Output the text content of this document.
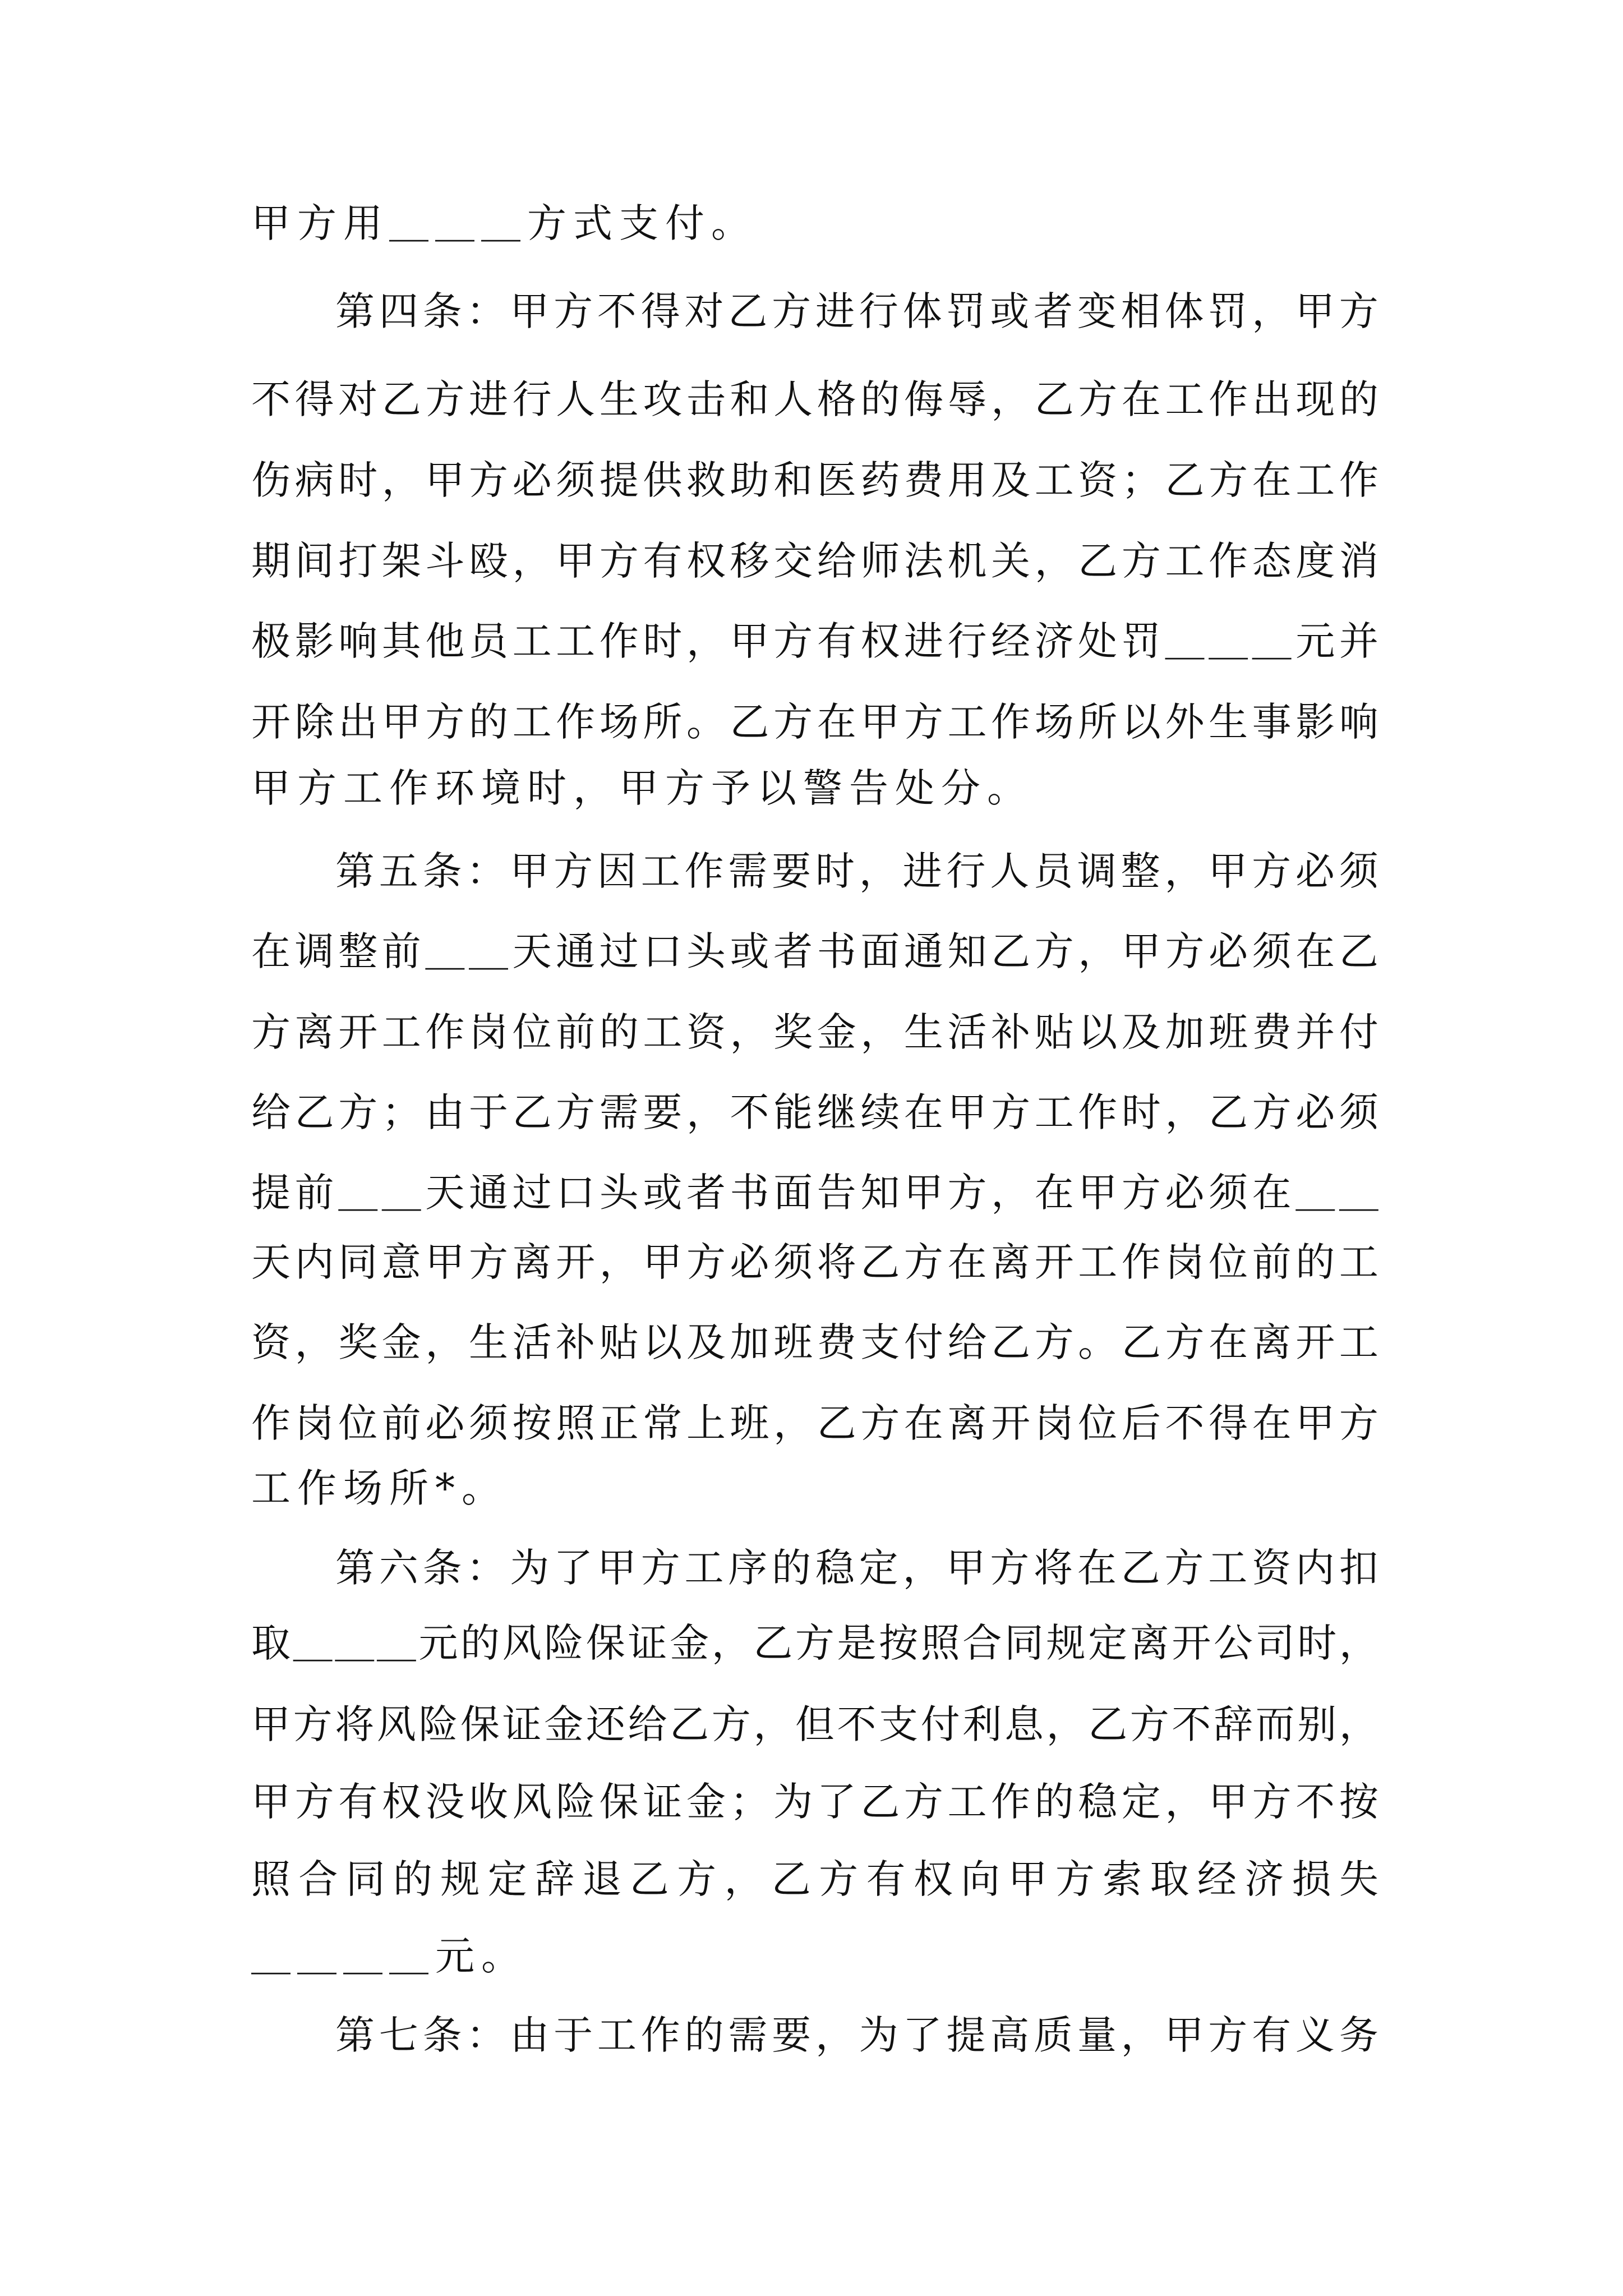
甲方用＿＿＿方式支付。
第 四 条 ： 甲 方 不 得 对 乙 方 进 行 体 罚 或 者 变 相 体 罚 ， 甲 方
不 得 对 乙 方 进 行 人 生 攻 击 和 人 格 的 侮 辱 ， 乙 方 在 工 作 出 现 的
伤 病 时 ， 甲 方 必 须 提 供 救 助 和 医 药 费 用 及 工 资 ； 乙 方 在 工 作
期 间 打 架 斗 殴 ， 甲 方 有 权 移 交 给 师 法 机 关 ， 乙 方 工 作 态 度 消
极 影 响 其 他 员 工 工 作 时 ， 甲 方 有 权 进 行 经 济 处 罚 ＿ ＿ ＿ 元 并
开 除 出 甲 方 的 工 作 场 所 。 乙 方 在 甲 方 工 作 场 所 以 外 生 事 影 响
甲方工作环境时，甲方予以警告处分。
第 五 条 ： 甲 方 因 工 作 需 要 时 ， 进 行 人 员 调 整 ， 甲 方 必 须
在 调 整 前 ＿ ＿ 天 通 过 口 头 或 者 书 面 通 知 乙 方 ， 甲 方 必 须 在 乙
方 离 开 工 作 岗 位 前 的 工 资 ， 奖 金 ， 生 活 补 贴 以 及 加 班 费 并 付
给 乙 方 ； 由 于 乙 方 需 要 ， 不 能 继 续 在 甲 方 工 作 时 ， 乙 方 必 须
提 前 ＿ ＿ 天 通 过 口 头 或 者 书 面 告 知 甲 方 ， 在 甲 方 必 须 在 ＿ ＿
天 内 同 意 甲 方 离 开 ， 甲 方 必 须 将 乙 方 在 离 开 工 作 岗 位 前 的 工
资 ， 奖 金 ， 生 活 补 贴 以 及 加 班 费 支 付 给 乙 方 。 乙 方 在 离 开 工
作 岗 位 前 必 须 按 照 正 常 上 班 ， 乙 方 在 离 开 岗 位 后 不 得 在 甲 方
工作场所*。
第 六 条 ： 为 了 甲 方 工 序 的 稳 定 ， 甲 方 将 在 乙 方 工 资 内 扣
取 ＿ ＿ ＿ 元 的 风 险 保 证 金 ， 乙 方 是 按 照 合 同 规 定 离 开 公 司 时 ，
甲 方 将 风 险 保 证 金 还 给 乙 方 ， 但 不 支 付 利 息 ， 乙 方 不 辞 而 别 ，
甲 方 有 权 没 收 风 险 保 证 金 ； 为 了 乙 方 工 作 的 稳 定 ， 甲 方 不 按
照 合 同 的 规 定 辞 退 乙 方 ， 乙 方 有 权 向 甲 方 索 取 经 济 损 失
＿＿＿＿元。
第 七 条 ： 由 于 工 作 的 需 要 ， 为 了 提 高 质 量 ， 甲 方 有 义 务
